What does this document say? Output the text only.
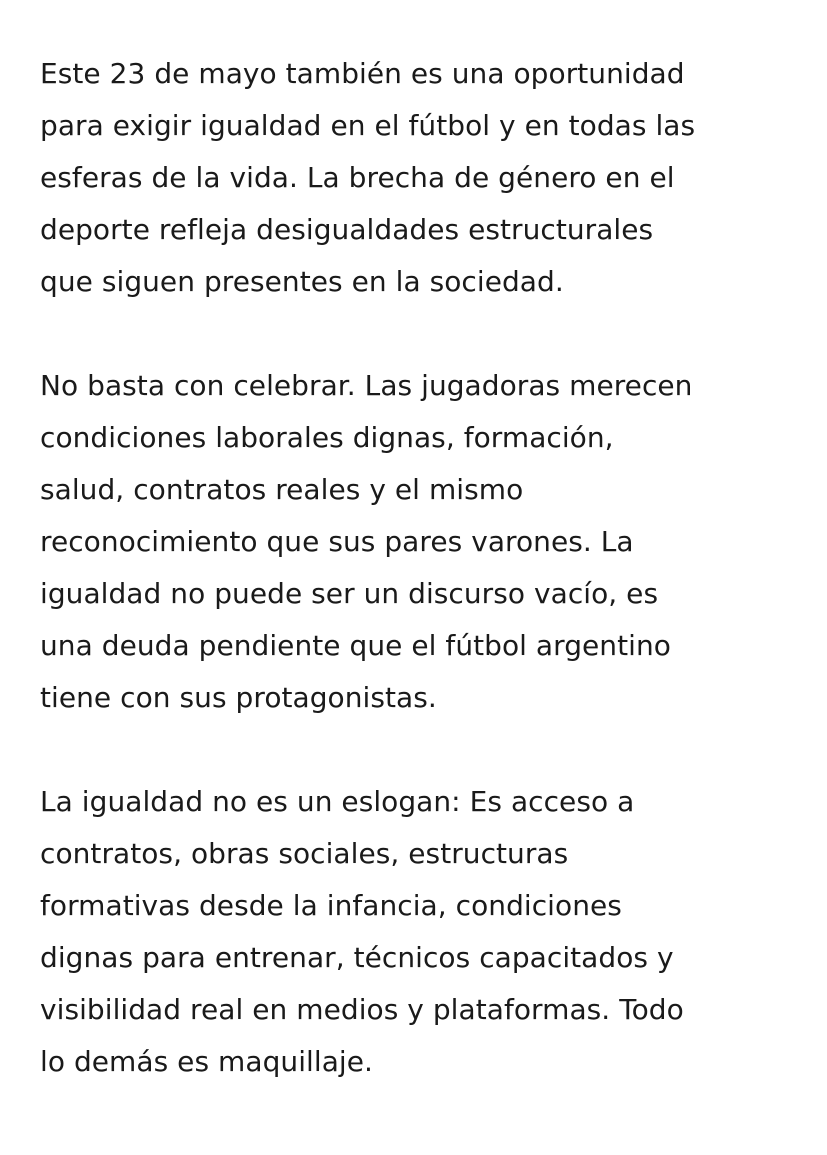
Este 23 de mayo también es una oportunidad
para exigir igualdad en el fútbol y en todas las
esferas de la vida. La brecha de género en el
deporte refleja desigualdades estructurales
que siguen presentes en la sociedad.

No basta con celebrar. Las jugadoras merecen
condiciones laborales dignas, formación,
salud, contratos reales y el mismo
reconocimiento que sus pares varones. La
igualdad no puede ser un discurso vacío, es
una deuda pendiente que el fútbol argentino
tiene con sus protagonistas.

La igualdad no es un eslogan: Es acceso a
contratos, obras sociales, estructuras
formativas desde la infancia, condiciones
dignas para entrenar, técnicos capacitados y
visibilidad real en medios y plataformas. Todo
lo demás es maquillaje.
